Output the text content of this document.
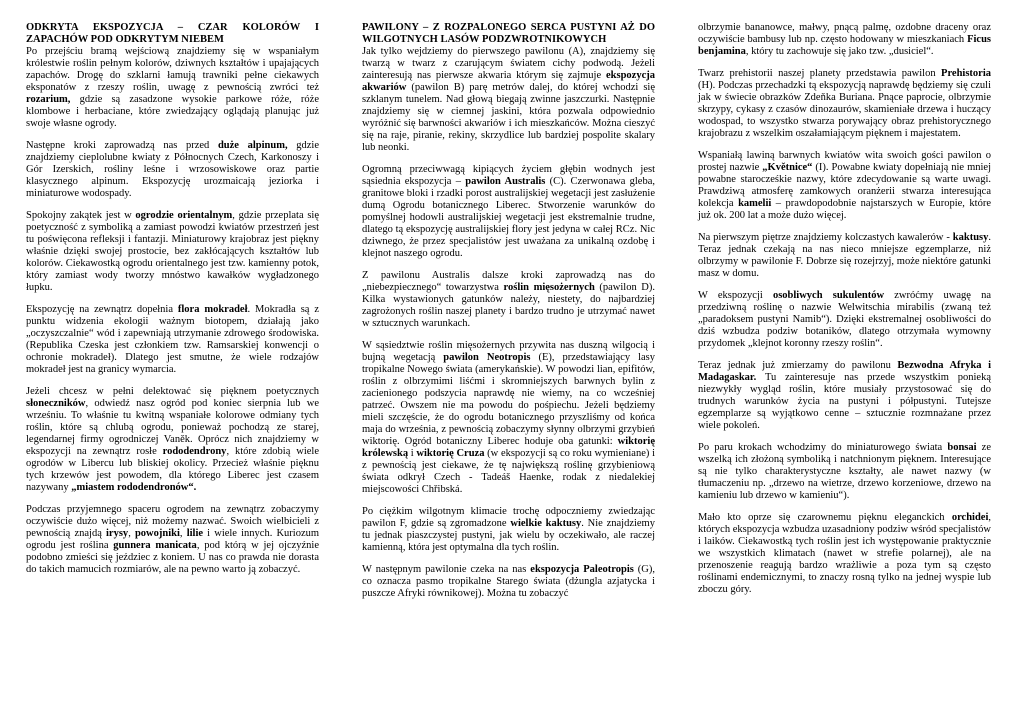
ODKRYTA EKSPOZYCJA – CZAR KOLORÓW I ZAPACHÓW POD ODKRYTYM NIEBEM

Po przejściu bramą wejściową znajdziemy się w wspaniałym królestwie roślin pełnym kolorów, dziwnych kształtów i upajających zapachów. Drogę do szklarni łamują trawniki pełne ciekawych eksponatów z rzeszy roślin, uwagę z pewnością zwróci też rozarium, gdzie są zasadzone wysokie parkowe róże, róże klombowe i herbaciane, które zwiedzający oglądają planując już swoje własne ogrody.

Następne kroki zaprowadzą nas przed duże alpinum, gdzie znajdziemy cieplolubne kwiaty z Północnych Czech, Karkonoszy i Gór Izerskich, rośliny leśne i wrzosowiskowe oraz partie klasycznego alpinum. Ekspozycję urozmaicają jeziorka i miniaturowe wodospady.

Spokojny zakątek jest w ogrodzie orientalnym, gdzie przeplata się poetyczność z symboliką a zamiast powodzi kwiatów przestrzeń jest tu poświęcona refleksji i fantazji. Miniaturowy krajobraz jest piękny właśnie dzięki swojej prostocie, bez zakłócających kształtów lub kolorów. Ciekawostką ogrodu orientalnego jest tzw. kamienny potok, który zamiast wody tworzy mnóstwo kawałków wygładzonego łupku.

Ekspozycję na zewnątrz dopełnia flora mokradeł. Mokradła są z punktu widzenia ekologii ważnym biotopem, działają jako „oczyszczalnie“ wód i zapewniają utrzymanie zdrowego środowiska. (Republika Czeska jest członkiem tzw. Ramsarskiej konwencji o ochronie mokradeł). Dlatego jest smutne, że wiele rodzajów mokradeł jest na granicy wymarcia.

Jeżeli chcesz w pełni delektować się pięknem poetycznych słoneczników, odwiedź nasz ogród pod koniec sierpnia lub we wrześniu. To właśnie tu kwitną wspaniałe kolorowe odmiany tych roślin, które są chlubą ogrodu, ponieważ pochodzą ze starej, legendarnej firmy ogrodniczej Vaněk. Oprócz nich znajdziemy w ekspozycji na zewnątrz rosłe rododendrony, które zdobią wiele ogrodów w Libercu lub bliskiej okolicy. Przecież właśnie pięknu tych krzewów jest powodem, dla którego Liberec jest czasem nazywany „miastem rododendronów“.

Podczas przyjemnego spaceru ogrodem na zewnątrz zobaczymy oczywiście dużo więcej, niż możemy nazwać. Swoich wielbicieli z pewnością znajdą irysy, powojniki, lilie i wiele innych. Kuriozum ogrodu jest roślina gunnera manicata, pod którą w jej ojczyźnie podobno zmieści się jeździec z koniem. U nas co prawda nie dorasta do takich mamucich rozmiarów, ale na pewno warto ją zobaczyć.

PAWILONY – Z ROZPALONEGO SERCA PUSTYNI AŻ DO WILGOTNYCH LASÓW PODZWROTNIKOWYCH

Jak tylko wejdziemy do pierwszego pawilonu (A), znajdziemy się twarzą w twarz z czarującym światem cichy podwodą. Jeżeli zainteresują nas pierwsze akwaria którym się zajmuje ekspozycja akwariów (pawilon B) parę metrów dalej, do której wchodzi się szklanym tunelem. Nad głową biegają zwinne jaszczurki. Następnie znajdziemy się w ciemnej jaskini, która pozwala odpowiednio wyróżnić się barwności akwariów i ich mieszkańców. Można cieszyć się na raje, piranie, rekiny, skrzydlice lub bardziej pospolite skalary lub neonki.

Ogromną przeciwwagą kipiących życiem głębin wodnych jest sąsiednia ekspozycja – pawilon Australis (C). Czerwonawa gleba, granitowe bloki i rzadki porost australijskiej wegetacji jest zasłużenie dumą Ogrodu botanicznego Liberec. Stworzenie warunków do pomyślnej hodowli australijskiej wegetacji jest ekstremalnie trudne, dlatego tą ekspozycję australijskiej flory jest jedyna w całej RCz. Nic dziwnego, że przez specjalistów jest uważana za unikalną ozdobę i klejnot naszego ogrodu.

Z pawilonu Australis dalsze kroki zaprowadzą nas do „niebezpiecznego“ towarzystwa roślin mięsożernych (pawilon D). Kilka wystawionych gatunków należy, niestety, do najbardziej zagrożonych roślin naszej planety i bardzo trudno je utrzymać nawet w sztucznych warunkach.

W sąsiedztwie roślin mięsożernych przywita nas duszną wilgocią i bujną wegetacją pawilon Neotropis (E), przedstawiający lasy tropikalne Nowego świata (amerykańskie). W powodzi lian, epifitów, roślin z olbrzymimi liśćmi i skromniejszych barwnych bylin z zacienionego podszycia naprawdę nie wiemy, na co wcześniej patrzeć. Owszem nie ma powodu do pośpiechu. Jeżeli będziemy mieli szczęście, że do ogrodu botanicznego przyszliśmy od końca maja do września, z pewnością zobaczymy słynny olbrzymi grzybień wiktorię. Ogród botaniczny Liberec hoduje oba gatunki: wiktorię królewską i wiktorię Cruza (w ekspozycji są co roku wymieniane) i z pewnością jest ciekawe, że tę największą roślinę grzybieniową świata odkrył Czech - Tadeáš Haenke, rodak z niedalekiej miejscowości Chřibská.

Po ciężkim wilgotnym klimacie trochę odpoczniemy zwiedzając pawilon F, gdzie są zgromadzone wielkie kaktusy. Nie znajdziemy tu jednak piaszczystej pustyni, jak wielu by oczekiwało, ale raczej kamienną, która jest optymalna dla tych roślin.

W następnym pawilonie czeka na nas ekspozycja Paleotropis (G), co oznacza pasmo tropikalne Starego świata (dżungla azjatycka i puszcze Afryki równikowej). Można tu zobaczyć

olbrzymie bananowce, małwy, pnącą palmę, ozdobne draceny oraz oczywiście bambusy lub np. często hodowany w mieszkaniach Ficus benjamina, który tu zachowuje się jako tzw. „dusiciel“.

Twarz prehistorii naszej planety przedstawia pawilon Prehistoria (H). Podczas przechadzki tą ekspozycją naprawdę będziemy się czuli jak w świecie obrazków Zdeňka Buriana. Pnące paprocie, olbrzymie skrzypy, cykasy z czasów dinozaurów, skamieniałe drzewa i huczący wodospad, to wszystko stwarza porywający obraz prehistorycznego krajobrazu z wszelkim oszałamiającym pięknem i majestatem.

Wspaniałą lawiną barwnych kwiatów wita swoich gości pawilon o prostej nazwie „Květnice“ (I). Powabne kwiaty dopełniają nie mniej powabne starocześkie nazwy, które zdecydowanie są warte uwagi. Prawdziwą atmosferę zamkowych oranżerii stwarza interesująca kolekcja kamelii – prawdopodobnie najstarszych w Europie, które już ok. 200 lat a może dużo więcej.

Na pierwszym piętrze znajdziemy kolczastych kawalerów - kaktusy. Teraz jednak czekają na nas nieco mniejsze egzemplarze, niż olbrzymy w pawilonie F. Dobrze się rozejrzyj, może niektóre gatunki masz w domu.

W ekspozycji osobliwych sukulentów zwróćmy uwagę na przedziwną roślinę o nazwie Welwitschia mirabilis (zwaną też „paradoksem pustyni Namib“). Dzięki ekstremalnej osobliwości do dziś wzbudza podziw botaników, dlatego otrzymała wymowny przydomek „klejnot koronny rzeszy roślin“.

Teraz jednak już zmierzamy do pawilonu Bezwodna Afryka i Madagaskar. Tu zainteresuje nas przede wszystkim ponieką niezwykły wygląd roślin, które musiały przystosować się do trudnych warunków życia na pustyni i półpustyni. Tutejsze egzemplarze są wyjątkowo cenne – sztucznie rozmnażane przez wiele pokoleń.

Po paru krokach wchodzimy do miniaturowego świata bonsai ze wszelką ich złożoną symboliką i natchnionym pięknem. Interesujące są nie tylko charakterystyczne kształty, ale nawet nazwy (w tłumaczeniu np. „drzewo na wietrze, drzewo korzeniowe, drzewo na kamieniu lub drzewo w kamieniu“).

Mało kto oprze się czarownemu pięknu eleganckich orchidei, których ekspozycja wzbudza uzasadniony podziw wśród specjalistów i laików. Ciekawostką tych roślin jest ich występowanie praktycznie we wszystkich klimatach (nawet w strefie polarnej), ale na przenoszenie reagują bardzo wrażliwie a poza tym są często roślinami endemicznymi, to znaczy rosną tylko na jednej wyspie lub zboczu góry.
